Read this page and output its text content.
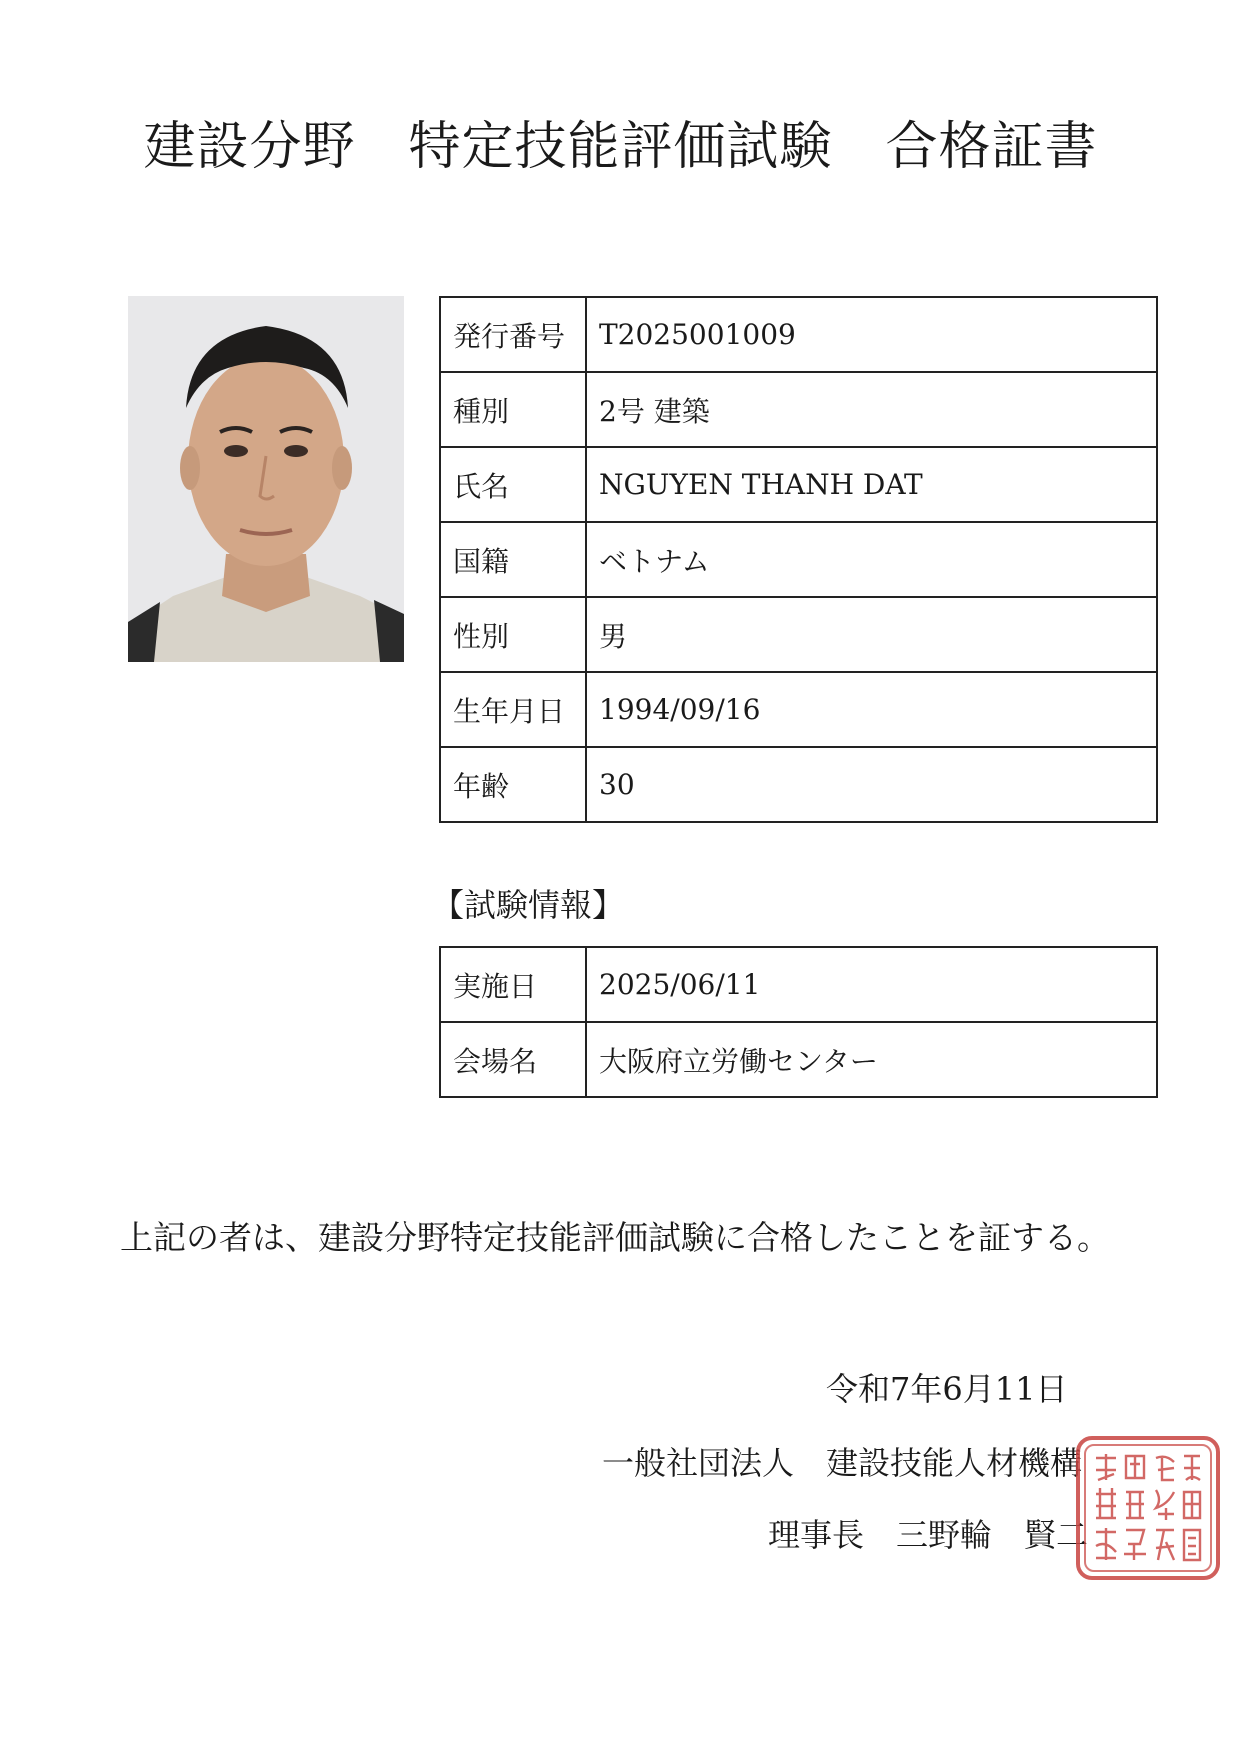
建設分野　特定技能評価試験　合格証書
発行番号	T2025001009
種別	2号 建築
氏名	NGUYEN THANH DAT
国籍	ベトナム
性別	男
生年月日	1994/09/16
年齢	30
【試験情報】
実施日	2025/06/11
会場名	大阪府立労働センター
上記の者は、建設分野特定技能評価試験に合格したことを証する。
令和7年6月11日
一般社団法人　建設技能人材機構
理事長　三野輪　賢二
